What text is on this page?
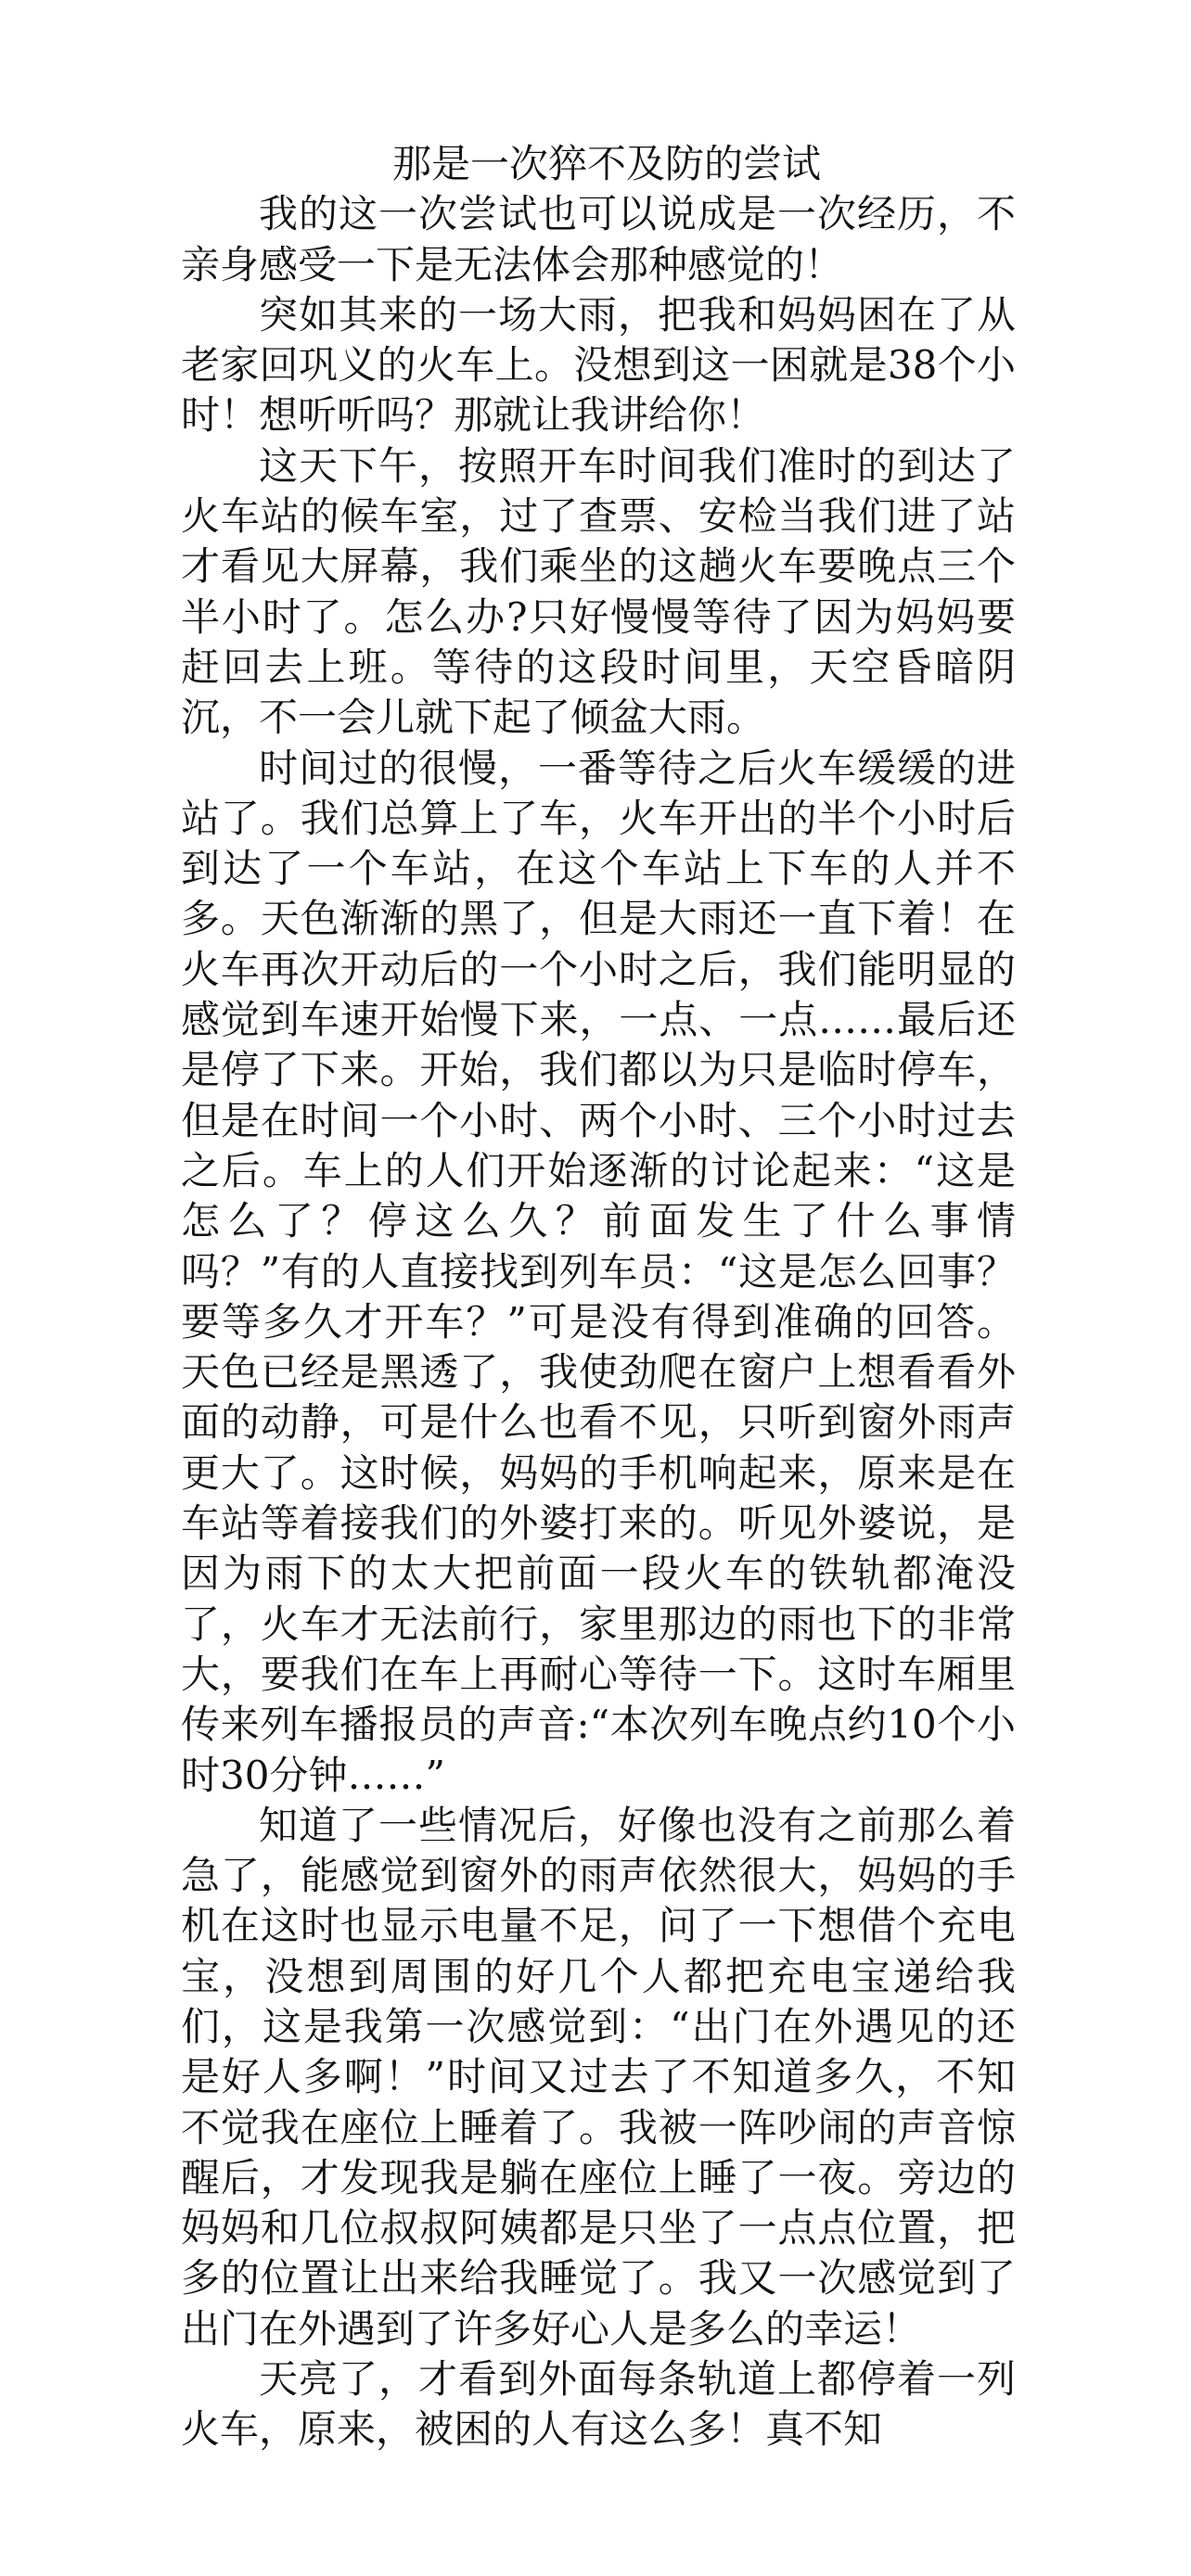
那是一次猝不及防的尝试

我的这一次尝试也可以说成是一次经历，不亲身感受一下是无法体会那种感觉的！

突如其来的一场大雨，把我和妈妈困在了从老家回巩义的火车上。没想到这一困就是38个小时！想听听吗？那就让我讲给你！

这天下午，按照开车时间我们准时的到达了火车站的候车室，过了查票、安检当我们进了站才看见大屏幕，我们乘坐的这趟火车要晚点三个半小时了。怎么办?只好慢慢等待了因为妈妈要赶回去上班。等待的这段时间里，天空昏暗阴沉，不一会儿就下起了倾盆大雨。

时间过的很慢，一番等待之后火车缓缓的进站了。我们总算上了车，火车开出的半个小时后到达了一个车站，在这个车站上下车的人并不多。天色渐渐的黑了，但是大雨还一直下着！在火车再次开动后的一个小时之后，我们能明显的感觉到车速开始慢下来，一点、一点……最后还是停了下来。开始，我们都以为只是临时停车，但是在时间一个小时、两个小时、三个小时过去之后。车上的人们开始逐渐的讨论起来：“这是怎么了？停这么久？前面发生了什么事情吗？”有的人直接找到列车员：“这是怎么回事？要等多久才开车？”可是没有得到准确的回答。天色已经是黑透了，我使劲爬在窗户上想看看外面的动静，可是什么也看不见，只听到窗外雨声更大了。这时候，妈妈的手机响起来，原来是在车站等着接我们的外婆打来的。听见外婆说，是因为雨下的太大把前面一段火车的铁轨都淹没了，火车才无法前行，家里那边的雨也下的非常大，要我们在车上再耐心等待一下。这时车厢里传来列车播报员的声音:“本次列车晚点约10个小时30分钟……”

知道了一些情况后，好像也没有之前那么着急了，能感觉到窗外的雨声依然很大，妈妈的手机在这时也显示电量不足，问了一下想借个充电宝，没想到周围的好几个人都把充电宝递给我们，这是我第一次感觉到：“出门在外遇见的还是好人多啊！”时间又过去了不知道多久，不知不觉我在座位上睡着了。我被一阵吵闹的声音惊醒后，才发现我是躺在座位上睡了一夜。旁边的妈妈和几位叔叔阿姨都是只坐了一点点位置，把多的位置让出来给我睡觉了。我又一次感觉到了出门在外遇到了许多好心人是多么的幸运！

天亮了，才看到外面每条轨道上都停着一列火车，原来，被困的人有这么多！真不知
